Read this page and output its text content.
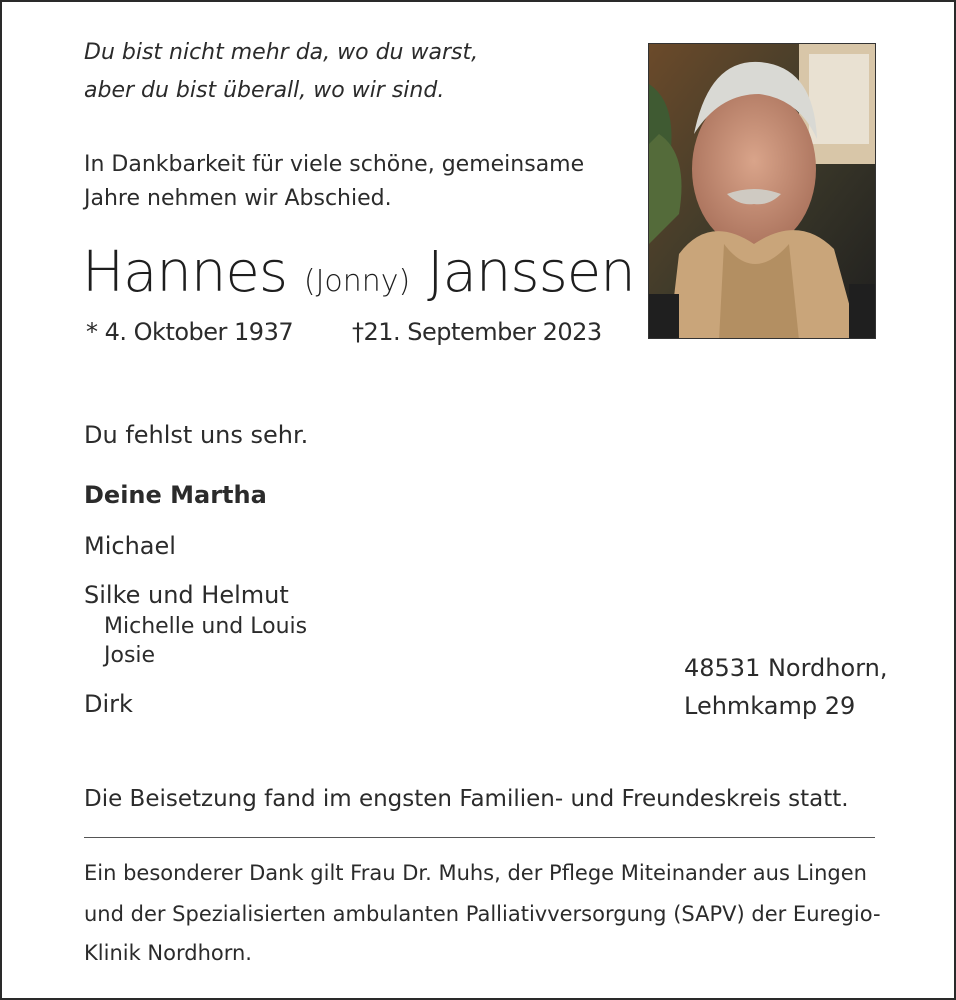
Du bist nicht mehr da, wo du warst,
aber du bist überall, wo wir sind.
In Dankbarkeit für viele schöne, gemeinsame
Jahre nehmen wir Abschied.
Hannes (Jonny) Janssen
* 4. Oktober 1937 †21. September 2023
Du fehlst uns sehr.
Deine Martha
Michael
Silke und Helmut
Michelle und Louis
Josie
Dirk
48531 Nordhorn,
Lehmkamp 29
Die Beisetzung fand im engsten Familien- und Freundeskreis statt.
Ein besonderer Dank gilt Frau Dr. Muhs, der Pflege Miteinander aus Lingen
und der Spezialisierten ambulanten Palliativversorgung (SAPV) der Euregio-
Klinik Nordhorn.
